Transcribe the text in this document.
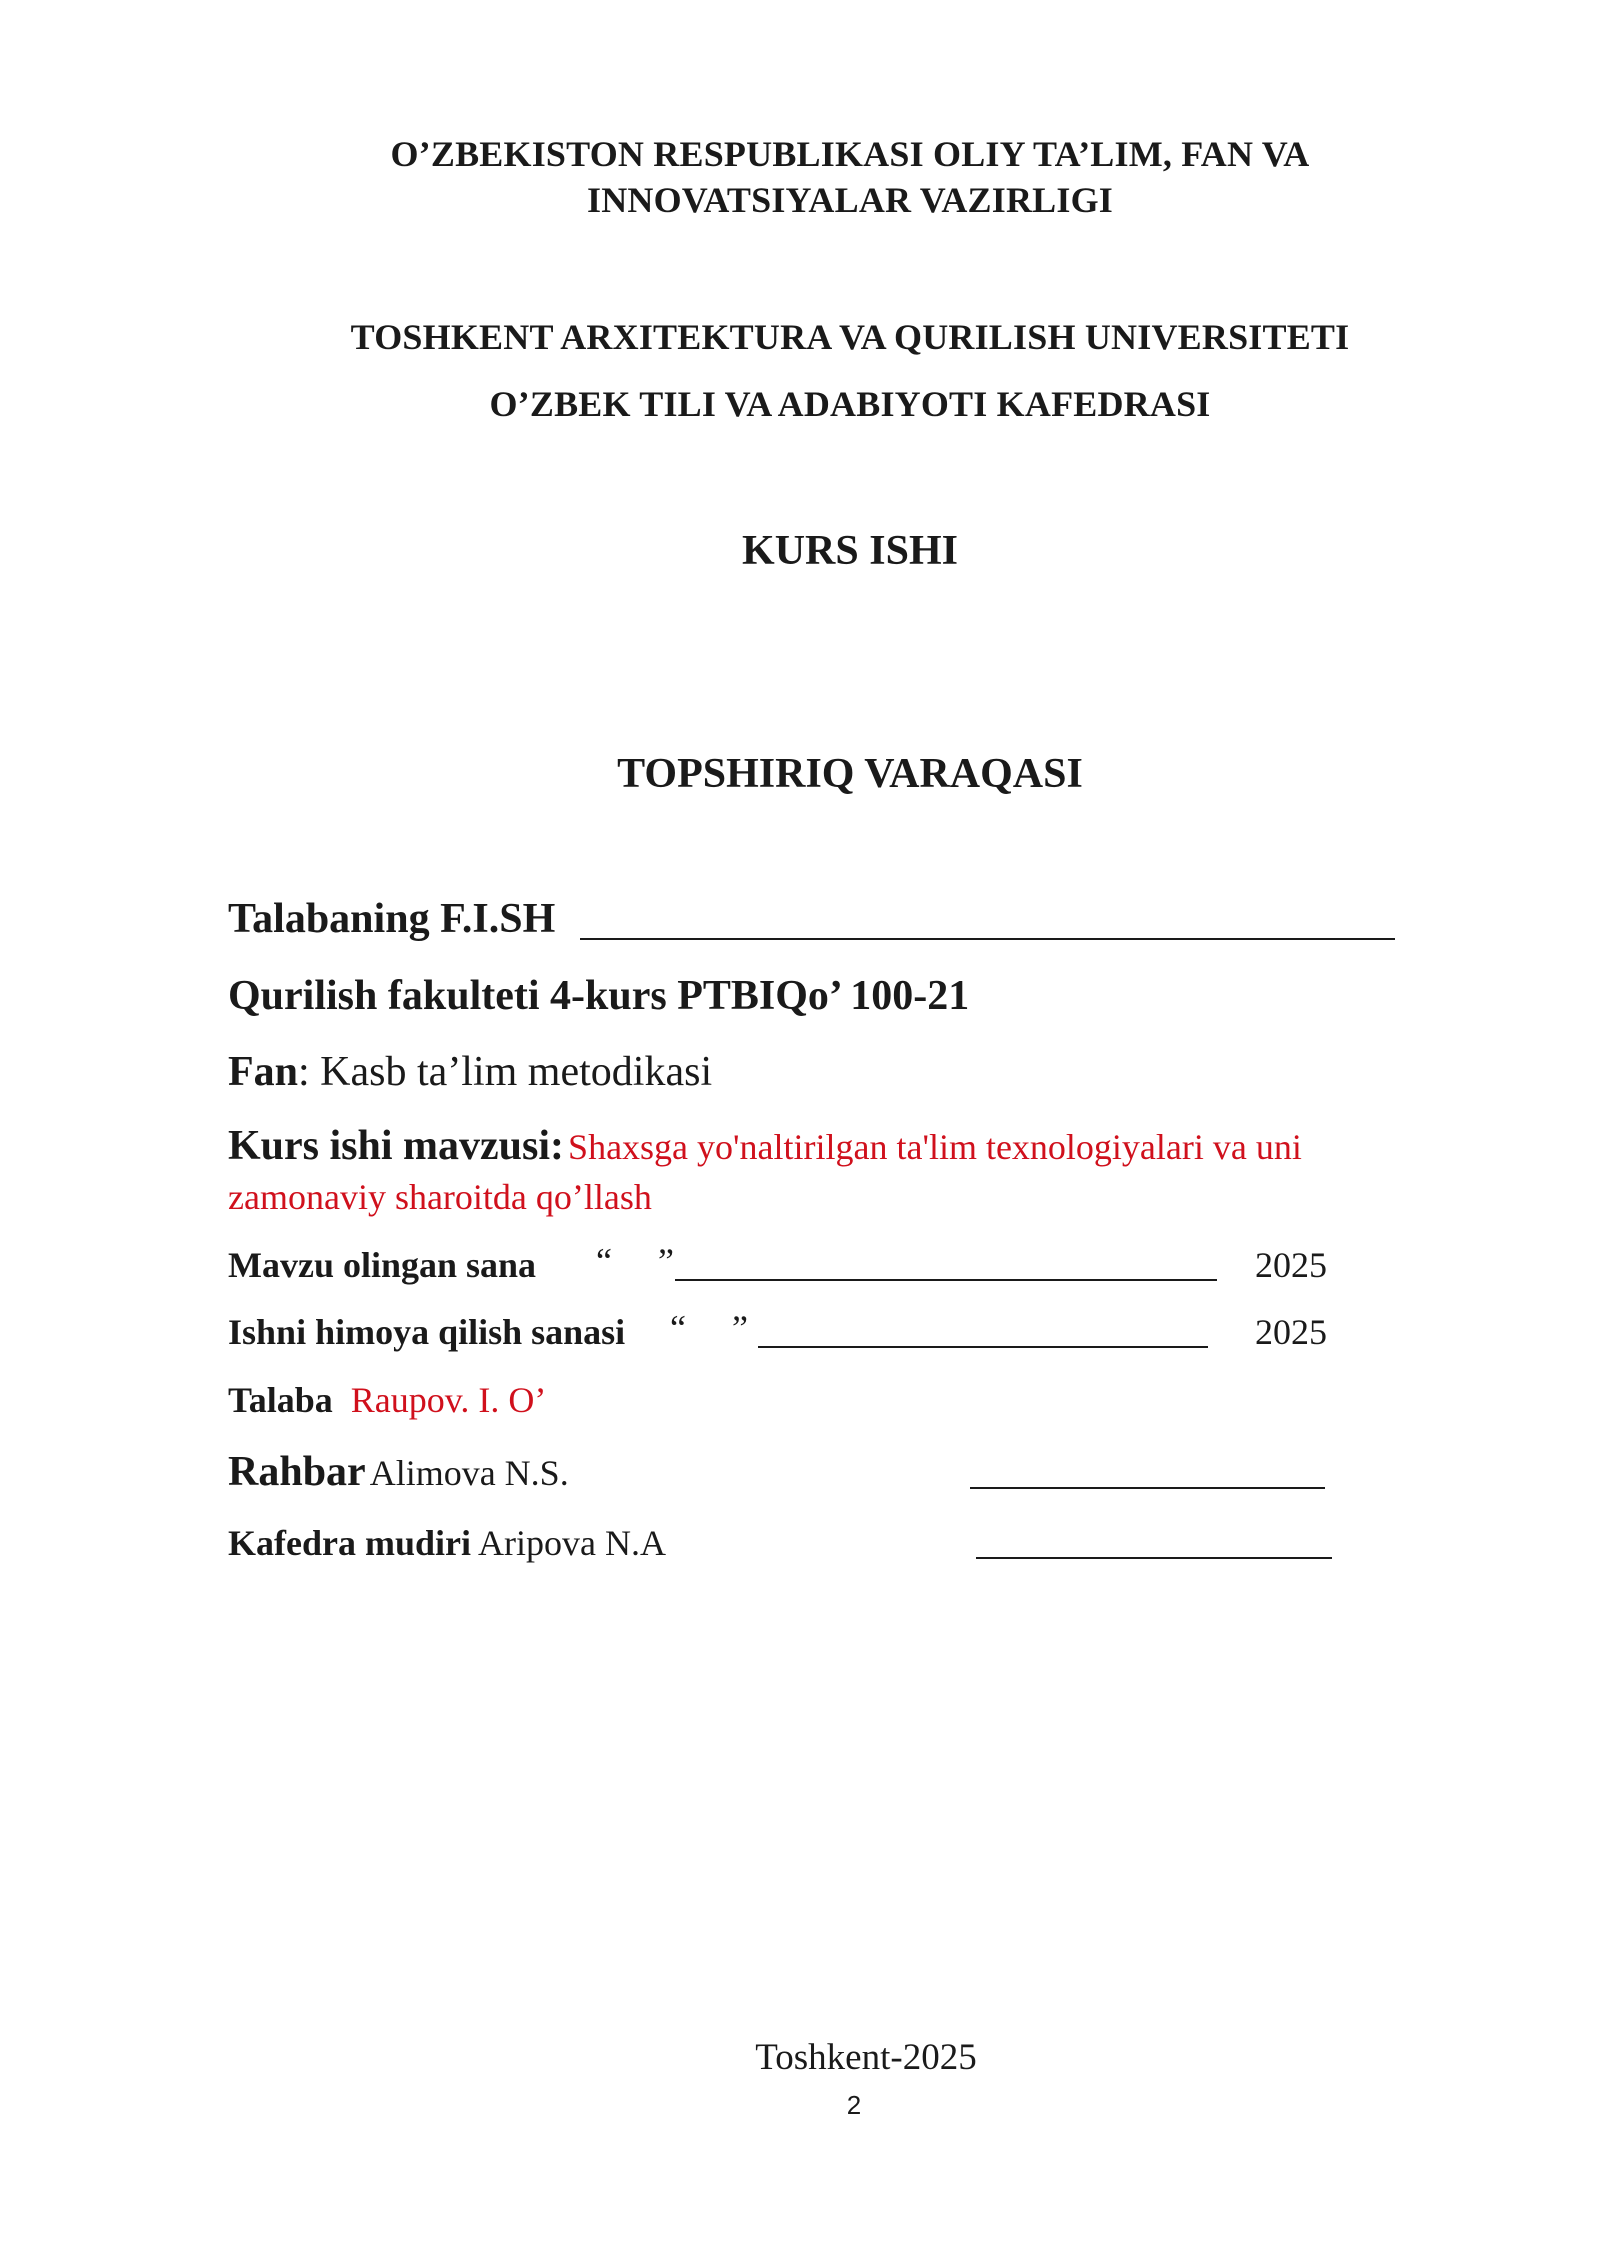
O’ZBEKISTON RESPUBLIKASI OLIY TA’LIM, FAN VA
INNOVATSIYALAR VAZIRLIGI
TOSHKENT ARXITEKTURA VA QURILISH UNIVERSITETI
O’ZBEK TILI VA ADABIYOTI KAFEDRASI
KURS ISHI
TOPSHIRIQ VARAQASI
Talabaning F.I.SH
Qurilish fakulteti 4-kurs PTBIQo’ 100-21
Fan: Kasb ta’lim metodikasi
Kurs ishi mavzusi: Shaxsga yo'naltirilgan ta'lim texnologiyalari va uni
zamonaviy sharoitda qo’llash
Mavzu olingan sana “ ”	2025
Ishni himoya qilish sanasi “ ”	2025
Talaba Raupov. I. O’
Rahbar Alimova N.S.
Kafedra mudiri Aripova N.A
Toshkent-2025
2
